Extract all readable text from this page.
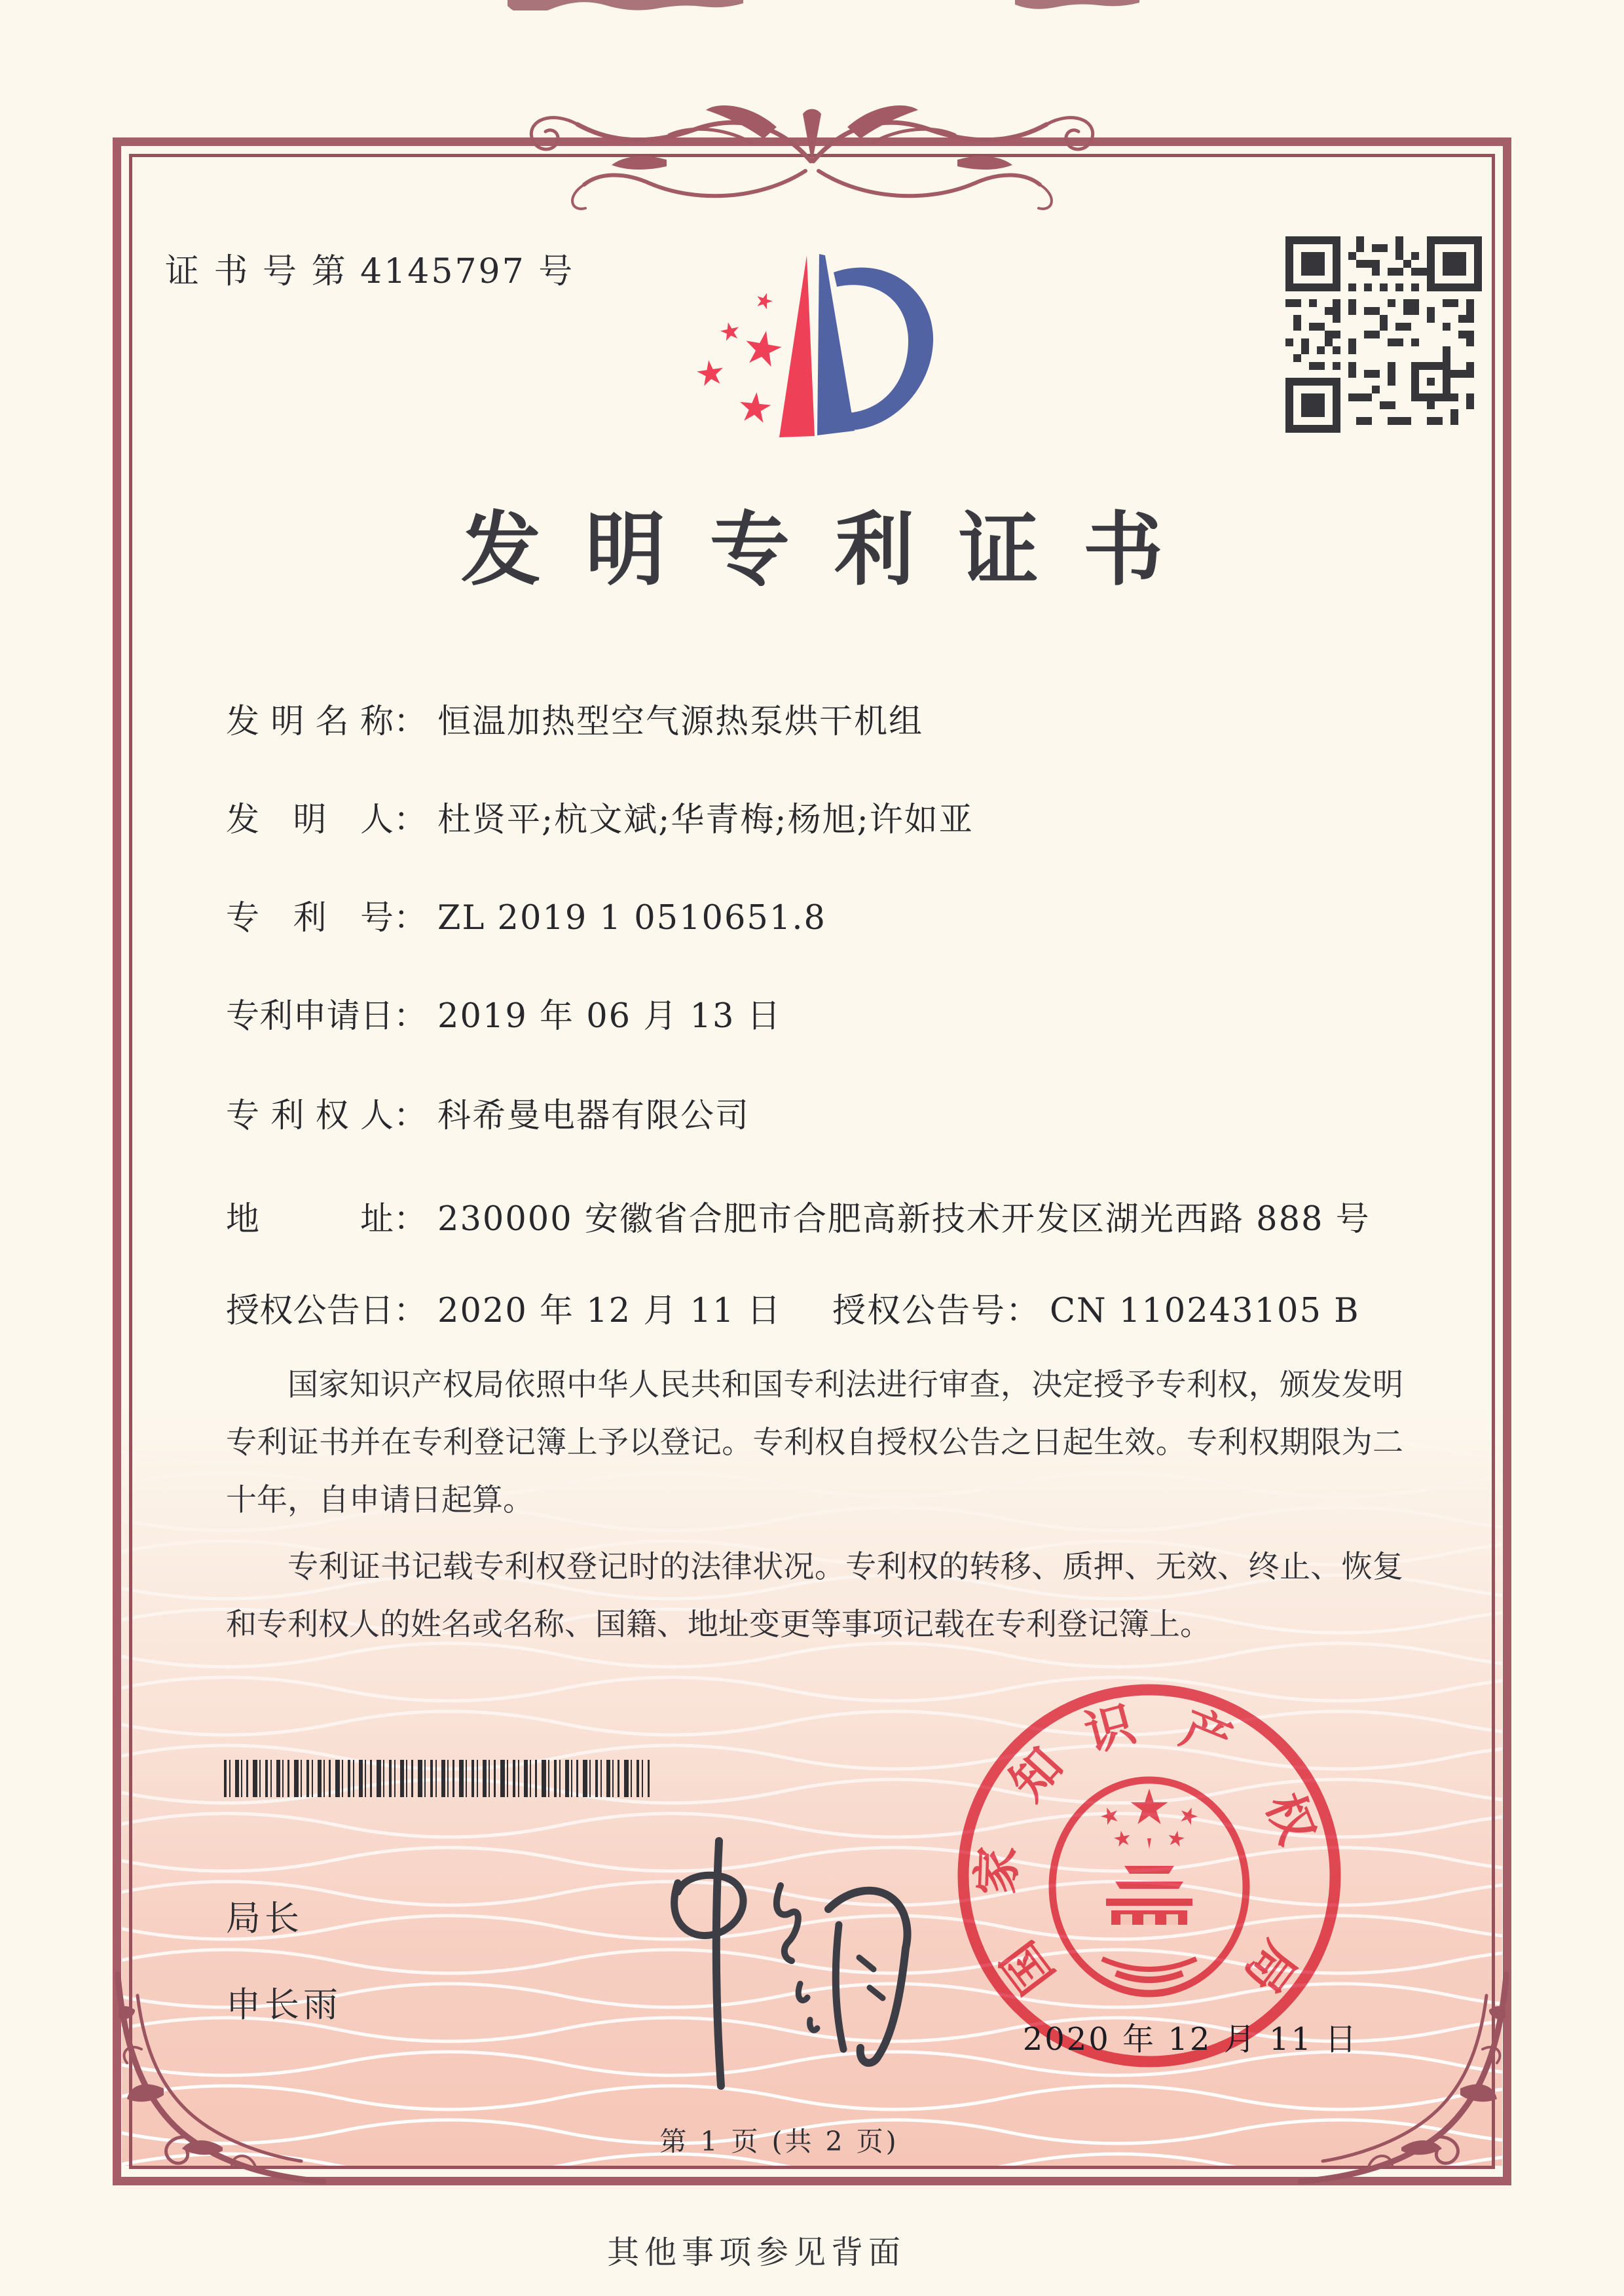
证 书 号 第 4145797 号
发明专利证书
发明名称： 恒温加热型空气源热泵烘干机组
发明人： 杜贤平;杭文斌;华青梅;杨旭;许如亚
专利号： ZL 2019 1 0510651.8
专利申请日： 2019 年 06 月 13 日
专利权人： 科希曼电器有限公司
地址： 230000 安徽省合肥市合肥高新技术开发区湖光西路 888 号
授权公告日： 2020 年 12 月 11 日 授权公告号： CN 110243105 B

国家知识产权局依照中华人民共和国专利法进行审查，决定授予专利权，颁发发明专利证书并在专利登记簿上予以登记。专利权自授权公告之日起生效。专利权期限为二十年，自申请日起算。

专利证书记载专利权登记时的法律状况。专利权的转移、质押、无效、终止、恢复和专利权人的姓名或名称、国籍、地址变更等事项记载在专利登记簿上。

局长
申长雨
国
家
知
识 产
权
局
2020 年 12 月 11 日
第 1 页 (共 2 页)
其他事项参见背面
